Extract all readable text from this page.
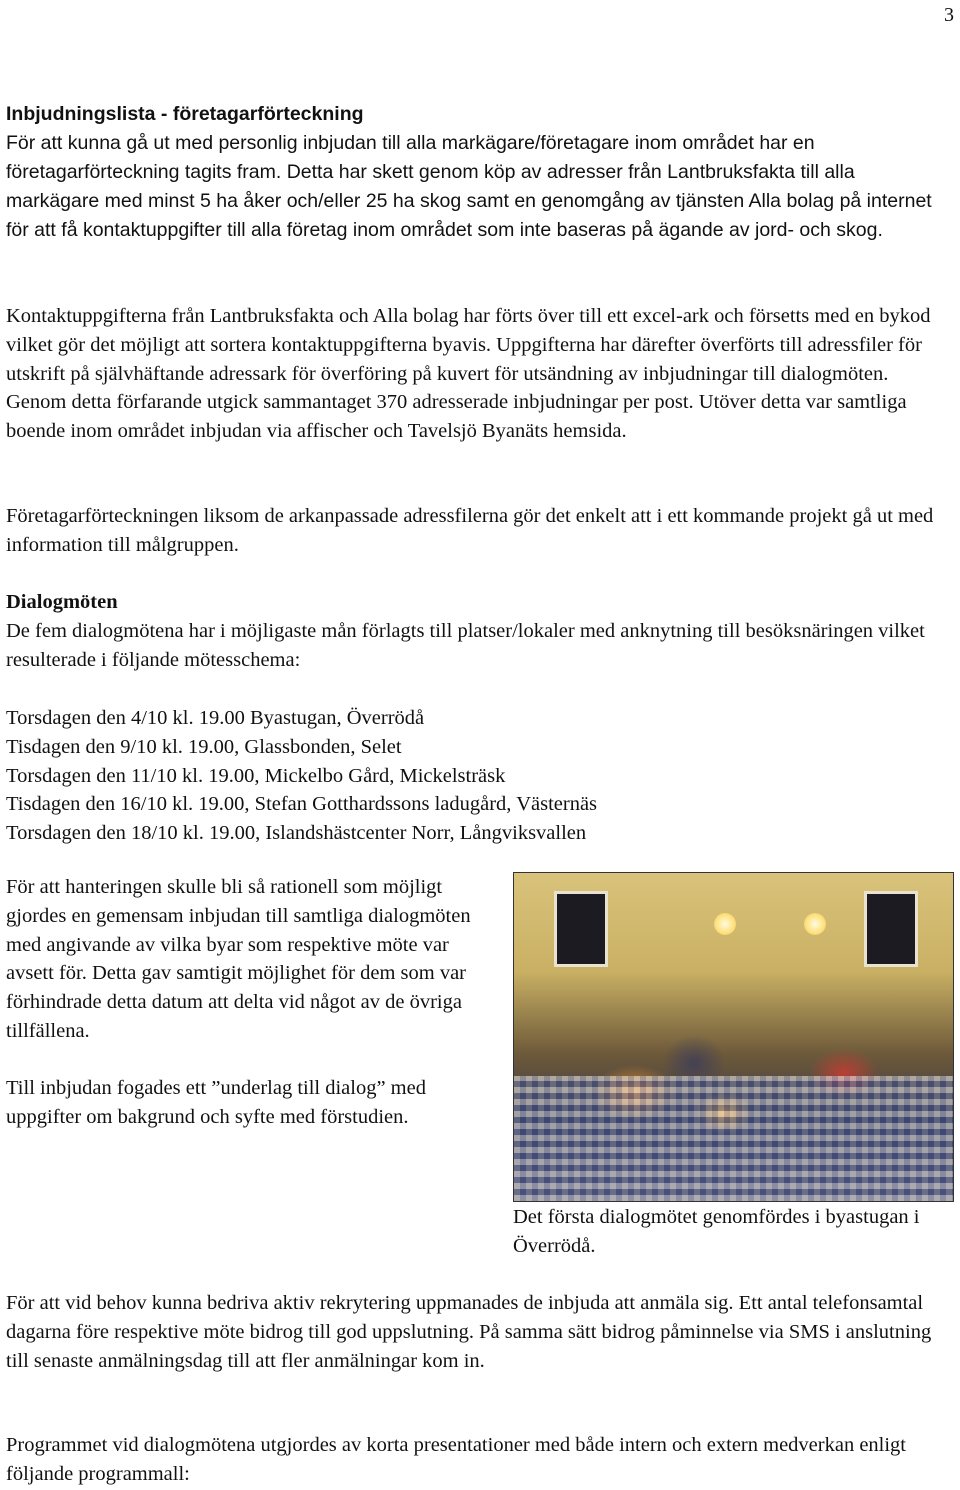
3
Inbjudningslista - företagarförteckning

För att kunna gå ut med personlig inbjudan till alla markägare/företagare inom området har en företagarförteckning tagits fram. Detta har skett genom köp av adresser från Lantbruksfakta till alla markägare med minst 5 ha åker och/eller 25 ha skog samt en genomgång av tjänsten Alla bolag på internet för att få kontaktuppgifter till alla företag inom området som inte baseras på ägande av jord- och skog.

Kontaktuppgifterna från Lantbruksfakta och Alla bolag har förts över till ett excel-ark och försetts med en bykod vilket gör det möjligt att sortera kontaktuppgifterna byavis. Uppgifterna har därefter överförts till adressfiler för utskrift på självhäftande adressark för överföring på kuvert för utsändning av inbjudningar till dialogmöten. Genom detta förfarande utgick sammantaget 370 adresserade inbjudningar per post. Utöver detta var samtliga boende inom området inbjudan via affischer och Tavelsjö Byanäts hemsida.

Företagarförteckningen liksom de arkanpassade adressfilerna gör det enkelt att i ett kommande projekt gå ut med information till målgruppen.

Dialogmöten

De fem dialogmötena har i möjligaste mån förlagts till platser/lokaler med anknytning till besöksnäringen vilket resulterade i följande mötesschema:

Torsdagen den 4/10 kl. 19.00 Byastugan, Överrödå
Tisdagen den 9/10 kl. 19.00, Glassbonden, Selet
Torsdagen den 11/10 kl. 19.00, Mickelbo Gård, Mickelsträsk
Tisdagen den 16/10 kl. 19.00, Stefan Gotthardssons ladugård, Västernäs
Torsdagen den 18/10 kl. 19.00, Islandshästcenter Norr, Långviksvallen

För att hanteringen skulle bli så rationell som möjligt gjordes en gemensam inbjudan till samtliga dialogmöten med angivande av vilka byar som respektive möte var avsett för. Detta gav samtigit möjlighet för dem som var förhindrade detta datum att delta vid något av de övriga tillfällena.

Till inbjudan fogades ett ”underlag till dialog” med uppgifter om bakgrund och syfte med förstudien.

Det första dialogmötet genomfördes i byastugan i Överrödå.

För att vid behov kunna bedriva aktiv rekrytering uppmanades de inbjuda att anmäla sig. Ett antal telefonsamtal dagarna före respektive möte bidrog till god uppslutning. På samma sätt bidrog påminnelse via SMS i anslutning till senaste anmälningsdag till att fler anmälningar kom in.

Programmet vid dialogmötena utgjordes av korta presentationer med både intern och extern medverkan enligt följande programmall:
